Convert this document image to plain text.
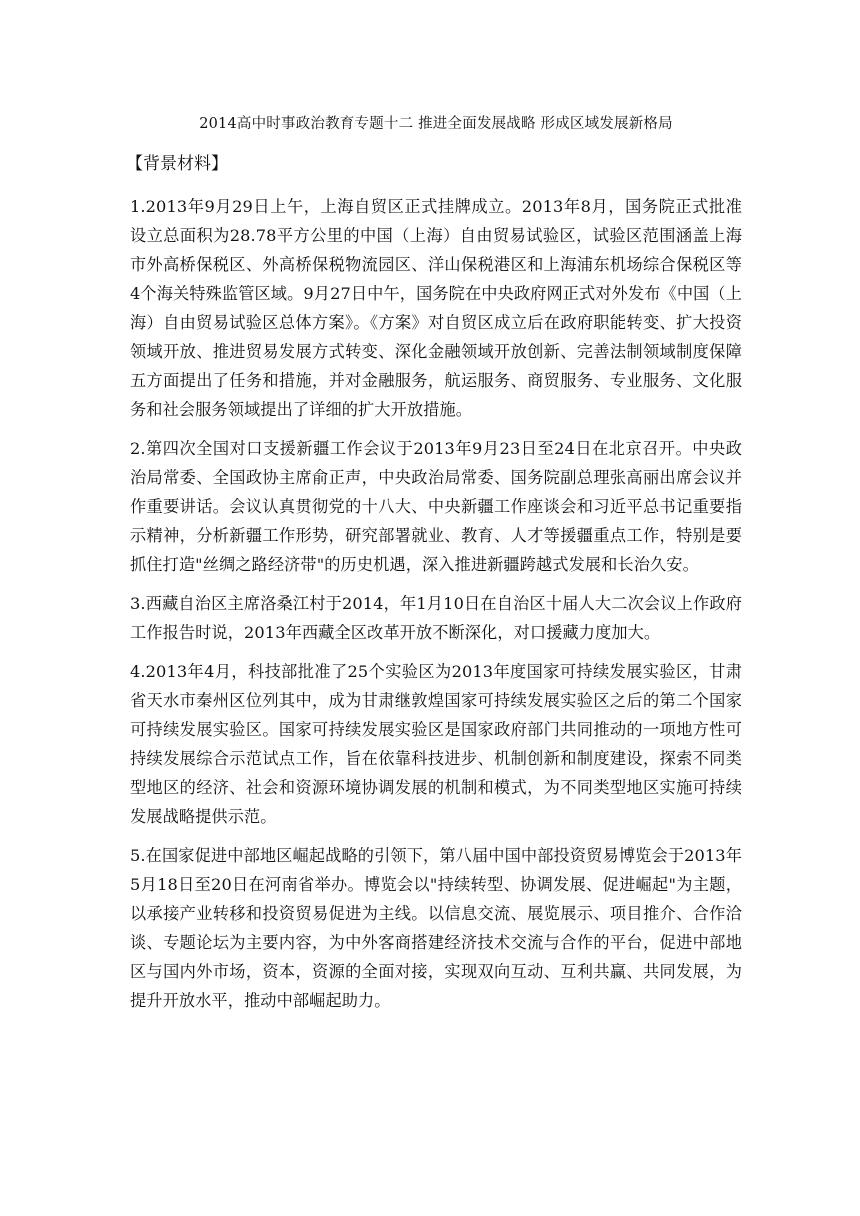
2014高中时事政治教育专题十二 推进全面发展战略 形成区域发展新格局
【背景材料】

1.2013年9月29日上午，上海自贸区正式挂牌成立。2013年8月，国务院正式批准设立总面积为28.78平方公里的中国（上海）自由贸易试验区，试验区范围涵盖上海市外高桥保税区、外高桥保税物流园区、洋山保税港区和上海浦东机场综合保税区等4个海关特殊监管区域。9月27日中午，国务院在中央政府网正式对外发布《中国（上海）自由贸易试验区总体方案》。《方案》对自贸区成立后在政府职能转变、扩大投资领域开放、推进贸易发展方式转变、深化金融领域开放创新、完善法制领域制度保障五方面提出了任务和措施，并对金融服务，航运服务、商贸服务、专业服务、文化服务和社会服务领域提出了详细的扩大开放措施。

2.第四次全国对口支援新疆工作会议于2013年9月23日至24日在北京召开。中央政治局常委、全国政协主席俞正声，中央政治局常委、国务院副总理张高丽出席会议并作重要讲话。会议认真贯彻党的十八大、中央新疆工作座谈会和习近平总书记重要指示精神，分析新疆工作形势，研究部署就业、教育、人才等援疆重点工作，特别是要抓住打造"丝绸之路经济带"的历史机遇，深入推进新疆跨越式发展和长治久安。

3.西藏自治区主席洛桑江村于2014，年1月10日在自治区十届人大二次会议上作政府工作报告时说，2013年西藏全区改革开放不断深化，对口援藏力度加大。

4.2013年4月，科技部批准了25个实验区为2013年度国家可持续发展实验区，甘肃省天水市秦州区位列其中，成为甘肃继敦煌国家可持续发展实验区之后的第二个国家可持续发展实验区。国家可持续发展实验区是国家政府部门共同推动的一项地方性可持续发展综合示范试点工作，旨在依靠科技进步、机制创新和制度建设，探索不同类型地区的经济、社会和资源环境协调发展的机制和模式，为不同类型地区实施可持续发展战略提供示范。

5.在国家促进中部地区崛起战略的引领下，第八届中国中部投资贸易博览会于2013年5月18日至20日在河南省举办。博览会以"持续转型、协调发展、促进崛起"为主题，以承接产业转移和投资贸易促进为主线。以信息交流、展览展示、项目推介、合作洽谈、专题论坛为主要内容，为中外客商搭建经济技术交流与合作的平台，促进中部地区与国内外市场，资本，资源的全面对接，实现双向互动、互利共赢、共同发展，为提升开放水平，推动中部崛起助力。
